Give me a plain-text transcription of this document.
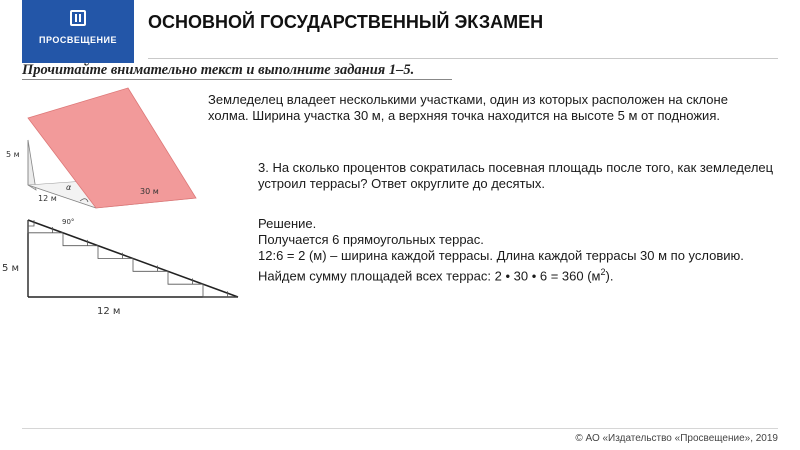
ПРОСВЕЩЕНИЕ
ОСНОВНОЙ ГОСУДАРСТВЕННЫЙ ЭКЗАМЕН
Прочитайте внимательно текст и выполните задания 1–5.
5 м
12 м
30 м
α
90°
5 м
12 м
Земледелец владеет несколькими участками, один из которых расположен на склоне холма. Ширина участка 30 м, а верхняя точка находится на высоте 5 м от подножия.
3. На сколько процентов сократилась посевная площадь после того, как земледелец устроил террасы? Ответ округлите до десятых.
Решение.
Получается 6 прямоугольных террас.
12:6 = 2 (м) – ширина каждой террасы. Длина каждой террасы 30 м по условию.
Найдем сумму площадей всех террас: 2 • 30 • 6 = 360 $(м^2)$.
© АО «Издательство «Просвещение», 2019
